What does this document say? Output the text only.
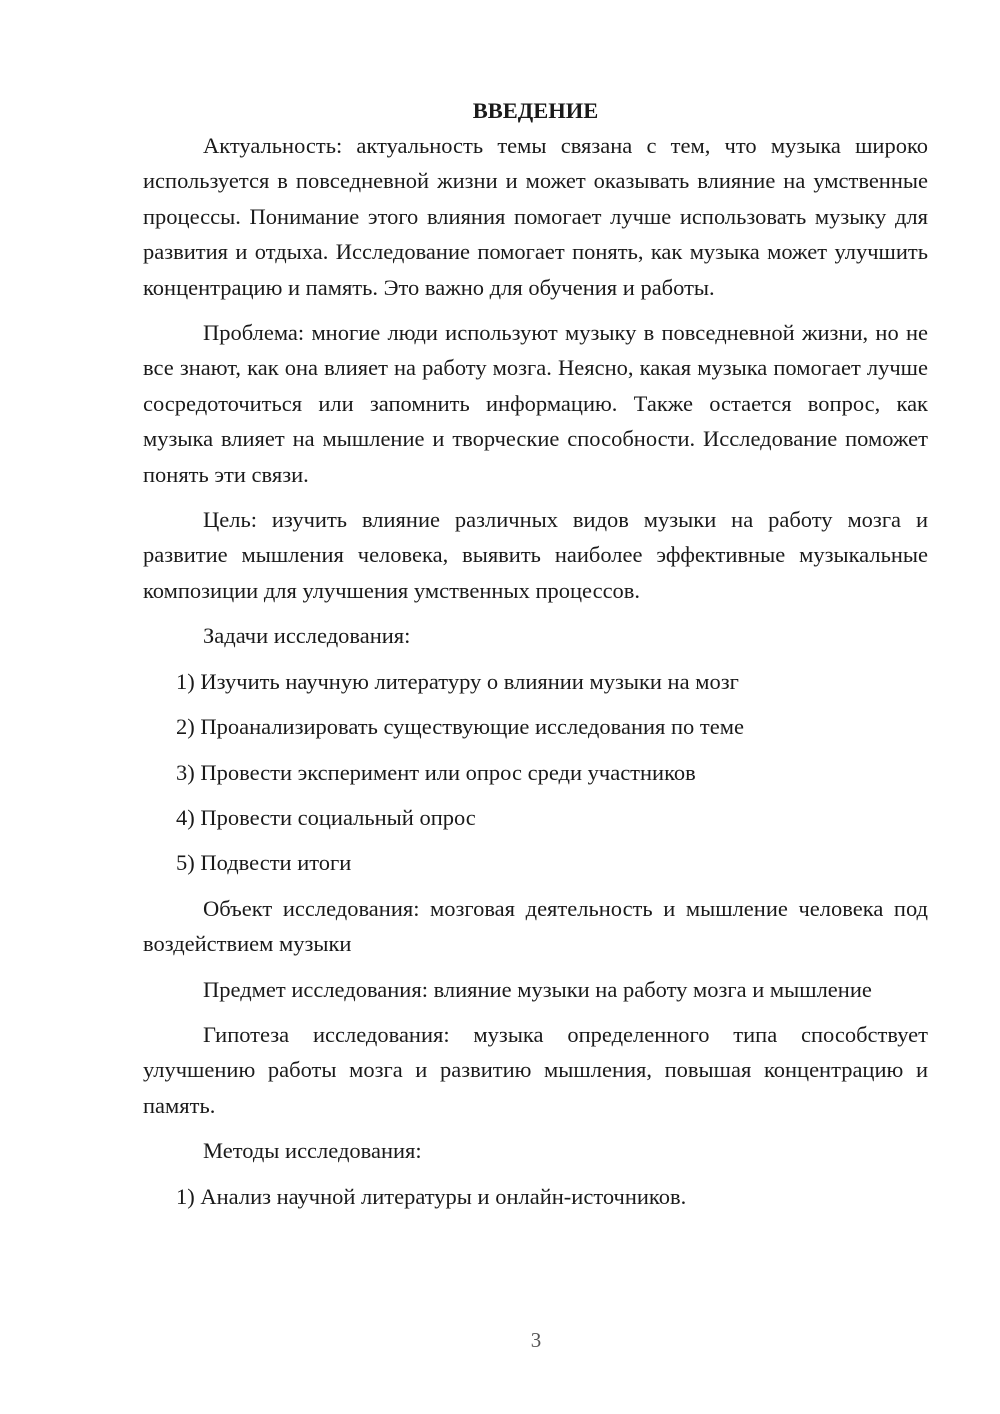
ВВЕДЕНИЕ

Актуальность: актуальность темы связана с тем, что музыка широко используется в повседневной жизни и может оказывать влияние на умственные процессы. Понимание этого влияния помогает лучше использовать музыку для развития и отдыха. Исследование помогает понять, как музыка может улучшить концентрацию и память. Это важно для обучения и работы.

Проблема: многие люди используют музыку в повседневной жизни, но не все знают, как она влияет на работу мозга. Неясно, какая музыка помогает лучше сосредоточиться или запомнить информацию. Также остается вопрос, как музыка влияет на мышление и творческие способности. Исследование поможет понять эти связи.

Цель: изучить влияние различных видов музыки на работу мозга и развитие мышления человека, выявить наиболее эффективные музыкальные композиции для улучшения умственных процессов.

Задачи исследования:

1) Изучить научную литературу о влиянии музыки на мозг

2) Проанализировать существующие исследования по теме

3) Провести эксперимент или опрос среди участников

4) Провести социальный опрос

5) Подвести итоги

Объект исследования: мозговая деятельность и мышление человека под воздействием музыки

Предмет исследования: влияние музыки на работу мозга и мышление

Гипотеза исследования: музыка определенного типа способствует улучшению работы мозга и развитию мышления, повышая концентрацию и память.

Методы исследования:

1) Анализ научной литературы и онлайн-источников.

3
